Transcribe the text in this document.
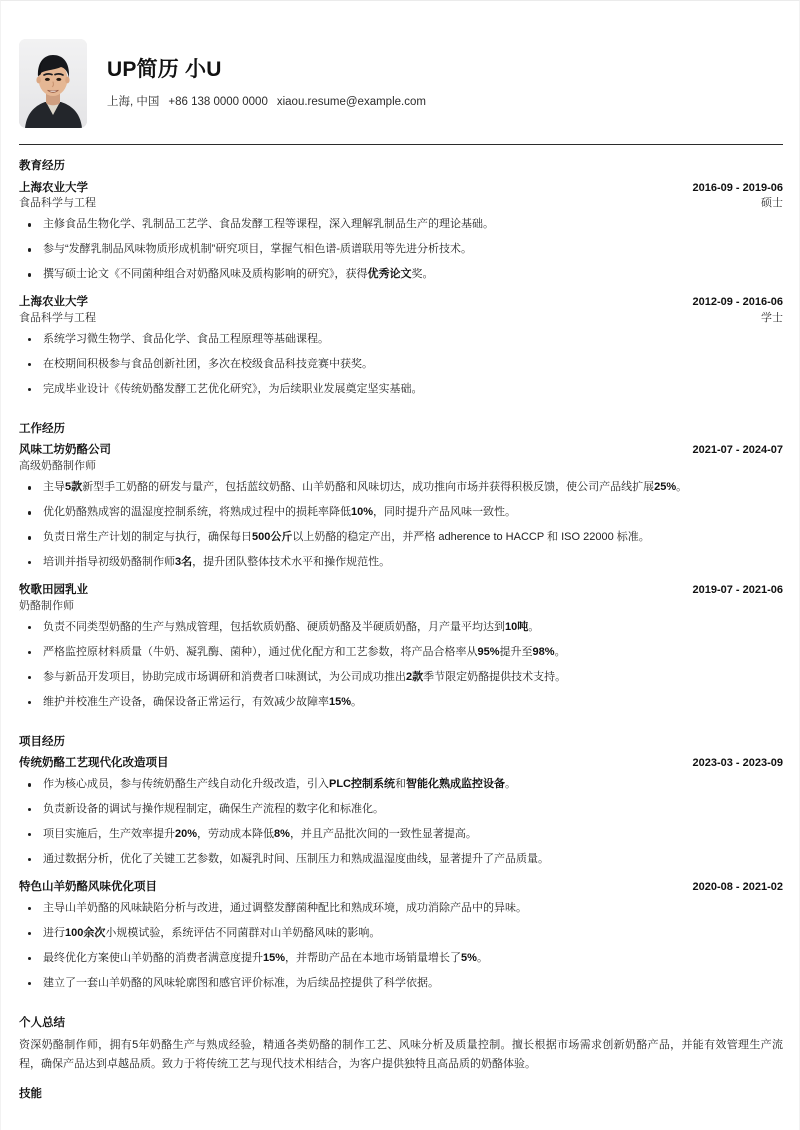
UP简历 小U
上海, 中国 +86 138 0000 0000 xiaou.resume@example.com
教育经历
上海农业大学	2016-09 - 2019-06
食品科学与工程	硕士
主修食品生物化学、乳制品工艺学、食品发酵工程等课程，深入理解乳制品生产的理论基础。
参与“发酵乳制品风味物质形成机制”研究项目，掌握气相色谱-质谱联用等先进分析技术。
撰写硕士论文《不同菌种组合对奶酪风味及质构影响的研究》，获得优秀论文奖。
上海农业大学	2012-09 - 2016-06
食品科学与工程	学士
系统学习微生物学、食品化学、食品工程原理等基础课程。
在校期间积极参与食品创新社团，多次在校级食品科技竞赛中获奖。
完成毕业设计《传统奶酪发酵工艺优化研究》，为后续职业发展奠定坚实基础。
工作经历
风味工坊奶酪公司	2021-07 - 2024-07
高级奶酪制作师
主导5款新型手工奶酪的研发与量产，包括蓝纹奶酪、山羊奶酪和风味切达，成功推向市场并获得积极反馈，使公司产品线扩展25%。
优化奶酪熟成窖的温湿度控制系统，将熟成过程中的损耗率降低10%，同时提升产品风味一致性。
负责日常生产计划的制定与执行，确保每日500公斤以上奶酪的稳定产出，并严格 adherence to HACCP 和 ISO 22000 标准。
培训并指导初级奶酪制作师3名，提升团队整体技术水平和操作规范性。
牧歌田园乳业	2019-07 - 2021-06
奶酪制作师
负责不同类型奶酪的生产与熟成管理，包括软质奶酪、硬质奶酪及半硬质奶酪，月产量平均达到10吨。
严格监控原材料质量（牛奶、凝乳酶、菌种），通过优化配方和工艺参数，将产品合格率从95%提升至98%。
参与新品开发项目，协助完成市场调研和消费者口味测试，为公司成功推出2款季节限定奶酪提供技术支持。
维护并校准生产设备，确保设备正常运行，有效减少故障率15%。
项目经历
传统奶酪工艺现代化改造项目	2023-03 - 2023-09
作为核心成员，参与传统奶酪生产线自动化升级改造，引入PLC控制系统和智能化熟成监控设备。
负责新设备的调试与操作规程制定，确保生产流程的数字化和标准化。
项目实施后，生产效率提升20%，劳动成本降低8%，并且产品批次间的一致性显著提高。
通过数据分析，优化了关键工艺参数，如凝乳时间、压制压力和熟成温湿度曲线，显著提升了产品质量。
特色山羊奶酪风味优化项目	2020-08 - 2021-02
主导山羊奶酪的风味缺陷分析与改进，通过调整发酵菌种配比和熟成环境，成功消除产品中的异味。
进行100余次小规模试验，系统评估不同菌群对山羊奶酪风味的影响。
最终优化方案使山羊奶酪的消费者满意度提升15%，并帮助产品在本地市场销量增长了5%。
建立了一套山羊奶酪的风味轮廓图和感官评价标准，为后续品控提供了科学依据。
个人总结

资深奶酪制作师，拥有5年奶酪生产与熟成经验，精通各类奶酪的制作工艺、风味分析及质量控制。擅长根据市场需求创新奶酪产品，并能有效管理生产流程，确保产品达到卓越品质。致力于将传统工艺与现代技术相结合，为客户提供独特且高品质的奶酪体验。

技能
